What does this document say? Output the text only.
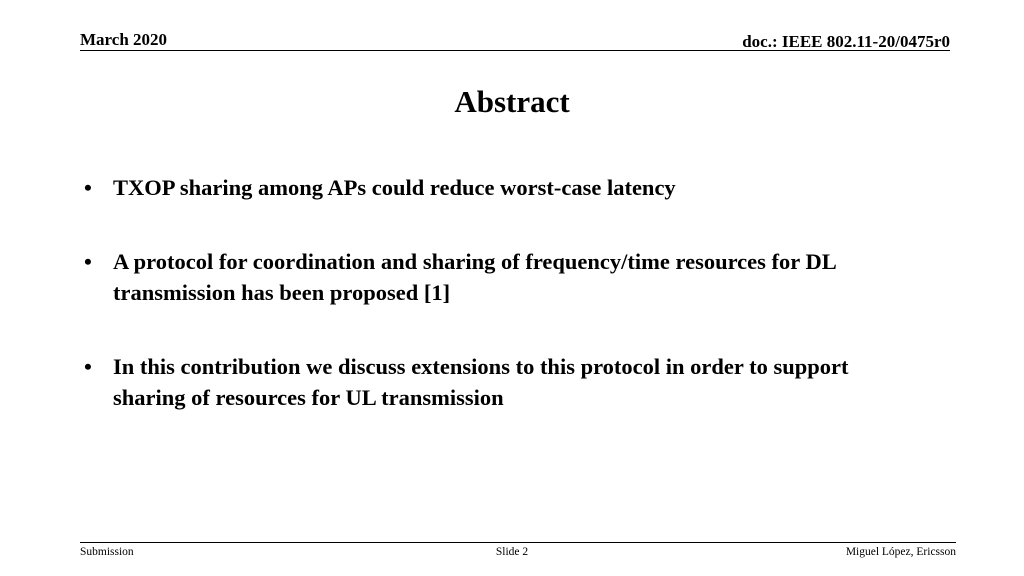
March 2020	doc.: IEEE 802.11-20/0475r0
Abstract
• TXOP sharing among APs could reduce worst-case latency
• A protocol for coordination and sharing of frequency/time resources for DL transmission has been proposed [1]
• In this contribution we discuss extensions to this protocol in order to support sharing of resources for UL transmission
Submission	Slide 2	Miguel López, Ericsson
